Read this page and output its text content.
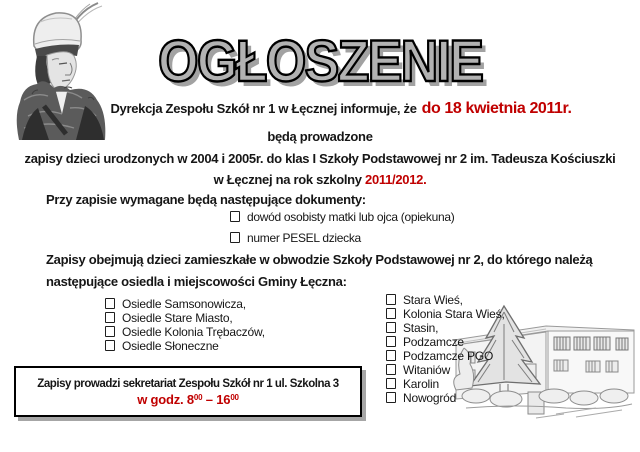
OGŁOSZENIE
Dyrekcja Zespołu Szkół nr 1 w Łęcznej informuje, że do 18 kwietnia 2011r.
będą prowadzone
zapisy dzieci urodzonych w 2004 i 2005r. do klas I Szkoły Podstawowej nr 2 im. Tadeusza Kościuszki
w Łęcznej na rok szkolny 2011/2012.
Przy zapisie wymagane będą następujące dokumenty:
dowód osobisty matki lub ojca (opiekuna)
numer PESEL dziecka
Zapisy obejmują dzieci zamieszkałe w obwodzie Szkoły Podstawowej nr 2, do którego należą
następujące osiedla i miejscowości Gminy Łęczna:
Osiedle Samsonowicza,
Osiedle Stare Miasto,
Osiedle Kolonia Trębaczów,
Osiedle Słoneczne
Stara Wieś,
Kolonia Stara Wieś,
Stasin,
Podzamcze
Podzamcze PGO
Witaniów
Karolin
Nowogród
Zapisy prowadzi sekretariat Zespołu Szkół nr 1 ul. Szkolna 3
w godz. $8^{00} - 16^{00}$
